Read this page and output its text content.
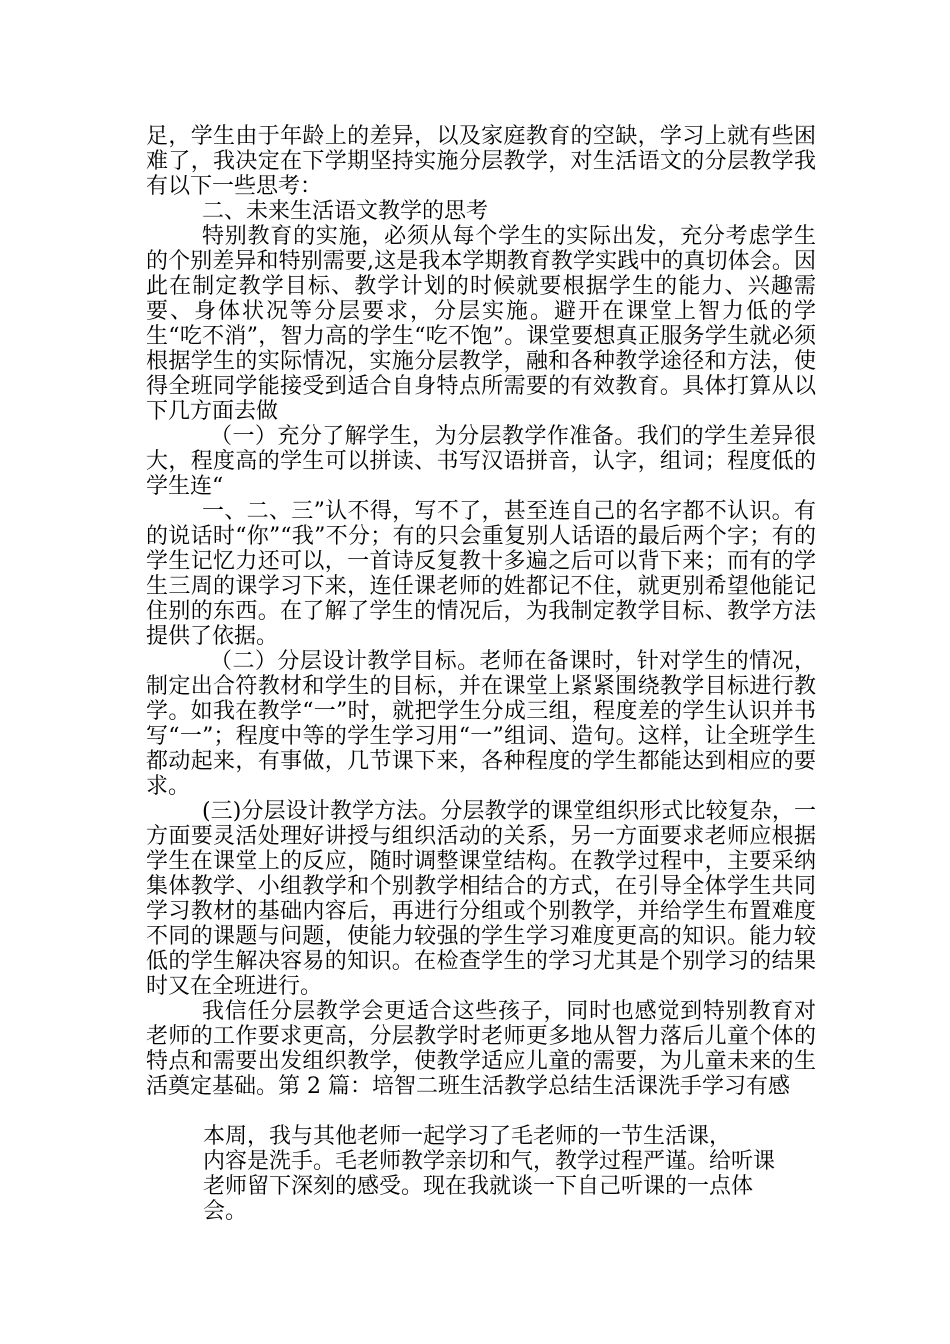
足，学生由于年龄上的差异，以及家庭教育的空缺，学习上就有些困难了，我决定在下学期坚持实施分层教学，对生活语文的分层教学我有以下一些思考：

二、未来生活语文教学的思考

特别教育的实施，必须从每个学生的实际出发，充分考虑学生的个别差异和特别需要,这是我本学期教育教学实践中的真切体会。因此在制定教学目标、教学计划的时候就要根据学生的能力、兴趣需要、身体状况等分层要求，分层实施。避开在课堂上智力低的学生“吃不消”，智力高的学生“吃不饱”。课堂要想真正服务学生就必须根据学生的实际情况，实施分层教学，融和各种教学途径和方法，使得全班同学能接受到适合自身特点所需要的有效教育。具体打算从以下几方面去做

（一）充分了解学生，为分层教学作准备。我们的学生差异很大，程度高的学生可以拼读、书写汉语拼音，认字，组词；程度低的学生连“

一、二、三”认不得，写不了，甚至连自己的名字都不认识。有的说话时“你”“我”不分；有的只会重复别人话语的最后两个字；有的学生记忆力还可以，一首诗反复教十多遍之后可以背下来；而有的学生三周的课学习下来，连任课老师的姓都记不住，就更别希望他能记住别的东西。在了解了学生的情况后，为我制定教学目标、教学方法提供了依据。

（二）分层设计教学目标。老师在备课时，针对学生的情况，制定出合符教材和学生的目标，并在课堂上紧紧围绕教学目标进行教学。如我在教学“一”时，就把学生分成三组，程度差的学生认识并书写“一”；程度中等的学生学习用“一”组词、造句。这样，让全班学生都动起来，有事做，几节课下来，各种程度的学生都能达到相应的要求。

(三)分层设计教学方法。分层教学的课堂组织形式比较复杂，一方面要灵活处理好讲授与组织活动的关系，另一方面要求老师应根据学生在课堂上的反应，随时调整课堂结构。在教学过程中，主要采纳集体教学、小组教学和个别教学相结合的方式，在引导全体学生共同学习教材的基础内容后，再进行分组或个别教学，并给学生布置难度不同的课题与问题，使能力较强的学生学习难度更高的知识。能力较低的学生解决容易的知识。在检查学生的学习尤其是个别学习的结果时又在全班进行。

我信任分层教学会更适合这些孩子，同时也感觉到特别教育对老师的工作要求更高，分层教学时老师更多地从智力落后儿童个体的特点和需要出发组织教学，使教学适应儿童的需要，为儿童未来的生活奠定基础。第 2 篇：培智二班生活教学总结生活课洗手学习有感

本周，我与其他老师一起学习了毛老师的一节生活课，
内容是洗手。毛老师教学亲切和气，教学过程严谨。给听课
老师留下深刻的感受。现在我就谈一下自己听课的一点体
会。
